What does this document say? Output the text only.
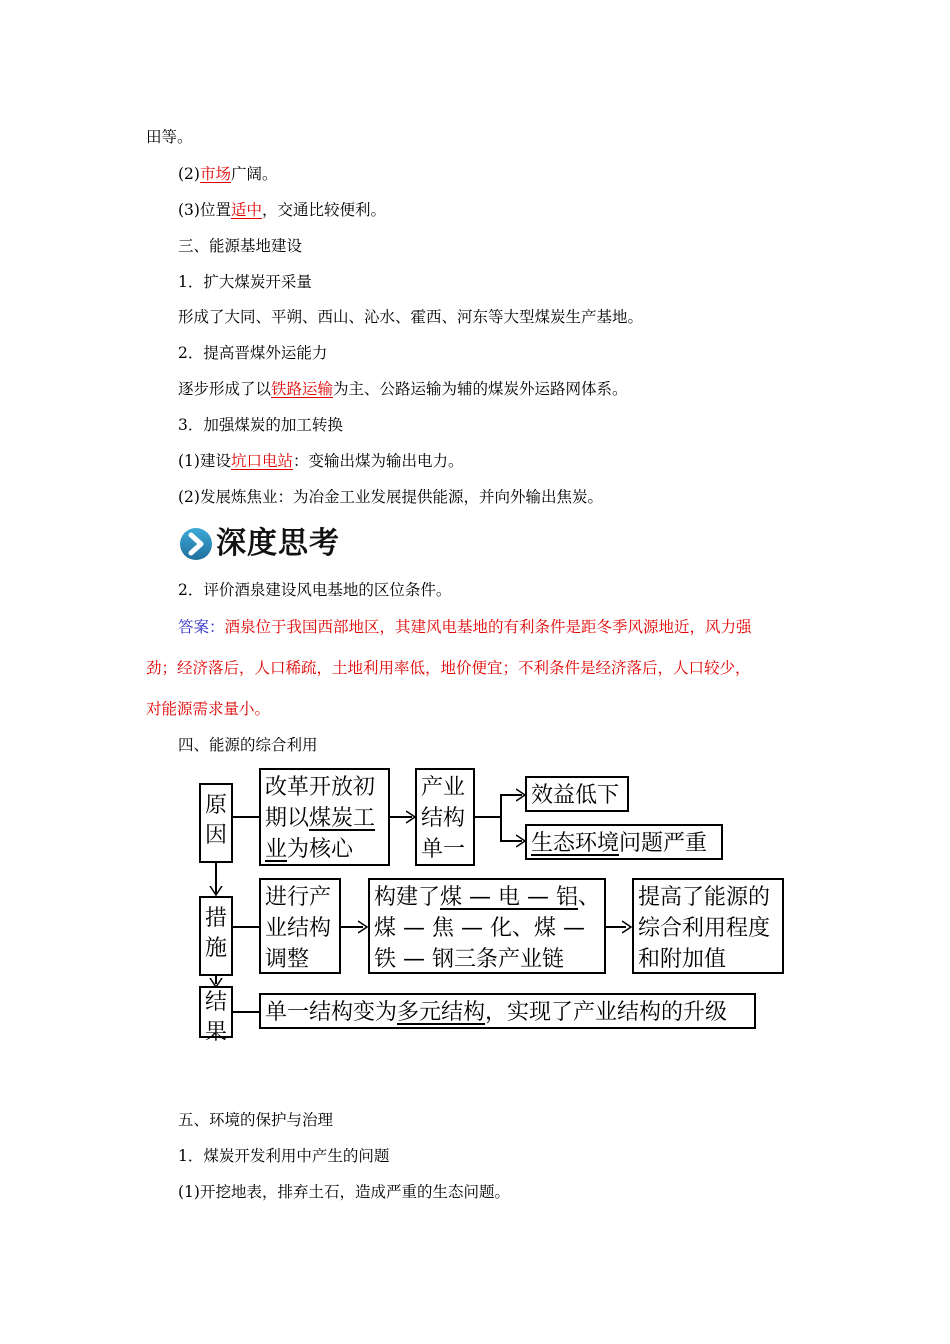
田等。
(2)市场广阔。
(3)位置适中，交通比较便利。
三、能源基地建设
1．扩大煤炭开采量
形成了大同、平朔、西山、沁水、霍西、河东等大型煤炭生产基地。
2．提高晋煤外运能力
逐步形成了以铁路运输为主、公路运输为辅的煤炭外运路网体系。
3．加强煤炭的加工转换
(1)建设坑口电站：变输出煤为输出电力。
(2)发展炼焦业：为冶金工业发展提供能源，并向外输出焦炭。
深度思考
2．评价酒泉建设风电基地的区位条件。
答案：酒泉位于我国西部地区，其建风电基地的有利条件是距冬季风源地近，风力强
劲；经济落后，人口稀疏，土地利用率低，地价便宜；不利条件是经济落后，人口较少，
对能源需求量小。
四、能源的综合利用
原
因
改革开放初
期以煤炭工
业为核心
产业
结构
单一
效益低下
生态环境问题严重
措
施
进行产
业结构
调整
构建了煤 — 电 — 铝、
煤 — 焦 — 化、煤 —
铁 — 钢三条产业链
提高了能源的
综合利用程度
和附加值
结
果
单一结构变为多元结构，实现了产业结构的升级
五、环境的保护与治理
1．煤炭开发利用中产生的问题
(1)开挖地表，排弃土石，造成严重的生态问题。
